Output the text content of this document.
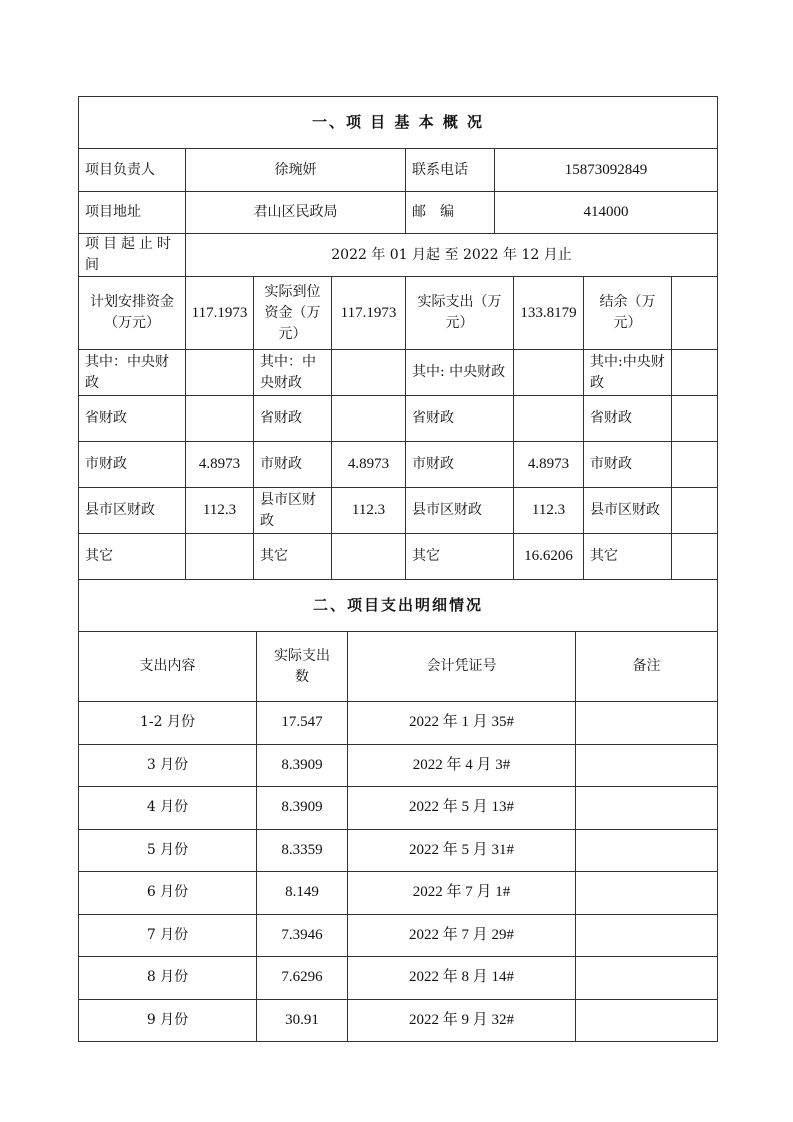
一、项 目 基 本 概 况			
项目负责人	徐琬妍	联系电话	15873092849
项目地址	君山区民政局	邮　编	414000
项目起止时间	2022 年 01 月起 至 2022 年 12 月止		
计划安排资金（万元）	117.1973	实际到位资金（万元）	117.1973	实际支出（万元）	133.8179	结余（万元）	
其中：中央财政		其中：中央财政		其中: 中央财政		其中:中央财政	
省财政		省财政		省财政		省财政	
市财政	4.8973	市财政	4.8973	市财政	4.8973	市财政	
县市区财政	112.3	县市区财政	112.3	县市区财政	112.3	县市区财政	
其它		其它		其它	16.6206	其它	
二、项目支出明细情况			
支出内容	实际支出数	会计凭证号	备注
1-2 月份	17.547	2022 年 1 月 35#	
3 月份	8.3909	2022 年 4 月 3#	
4 月份	8.3909	2022 年 5 月 13#	
5 月份	8.3359	2022 年 5 月 31#	
6 月份	8.149	2022 年 7 月 1#	
7 月份	7.3946	2022 年 7 月 29#	
8 月份	7.6296	2022 年 8 月 14#	
9 月份	30.91	2022 年 9 月 32#	
